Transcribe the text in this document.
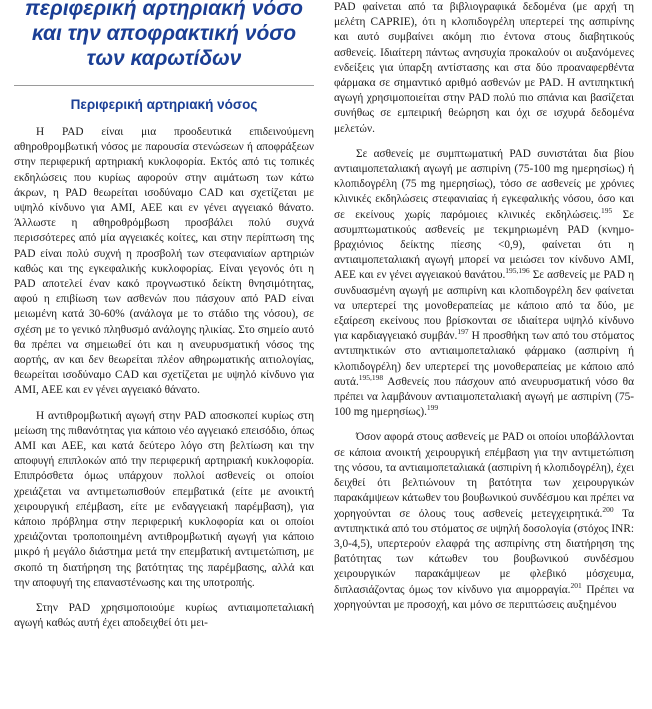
περιφερική αρτηριακή νόσο και την αποφρακτική νόσο των καρωτίδων
Περιφερική αρτηριακή νόσος

Η PAD είναι μια προοδευτικά επιδεινούμενη αθηροθρομβωτική νόσος με παρουσία στενώσεων ή αποφράξεων στην περιφερική αρτηριακή κυκλοφορία. Εκτός από τις τοπικές εκδηλώσεις που κυρίως αφορούν στην αιμάτωση των κάτω άκρων, η PAD θεωρείται ισοδύναμο CAD και σχετίζεται με υψηλό κίνδυνο για AMI, AEE και εν γένει αγγειακό θάνατο. Άλλωστε η αθηροθρόμβωση προσβάλει πολύ συχνά περισσότερες από μία αγγειακές κοίτες, και στην περίπτωση της PAD είναι πολύ συχνή η προσβολή των στεφανιαίων αρτηριών καθώς και της εγκεφαλικής κυκλοφορίας. Είναι γεγονός ότι η PAD αποτελεί έναν κακό προγνωστικό δείκτη θνησιμότητας, αφού η επιβίωση των ασθενών που πάσχουν από PAD είναι μειωμένη κατά 30-60% (ανάλογα με το στάδιο της νόσου), σε σχέση με το γενικό πληθυσμό ανάλογης ηλικίας. Στο σημείο αυτό θα πρέπει να σημειωθεί ότι και η ανευρυσματική νόσος της αορτής, αν και δεν θεωρείται πλέον αθηρωματικής αιτιολογίας, θεωρείται ισοδύναμο CAD και σχετίζεται με υψηλό κίνδυνο για AMI, AEE και εν γένει αγγειακό θάνατο.

Η αντιθρομβωτική αγωγή στην PAD αποσκοπεί κυρίως στη μείωση της πιθανότητας για κάποιο νέο αγγειακό επεισόδιο, όπως AMI και AEE, και κατά δεύτερο λόγο στη βελτίωση και την αποφυγή επιπλοκών από την περιφερική αρτηριακή κυκλοφορία. Επιπρόσθετα όμως υπάρχουν πολλοί ασθενείς οι οποίοι χρειάζεται να αντιμετωπισθούν επεμβατικά (είτε με ανοικτή χειρουργική επέμβαση, είτε με ενδαγγειακή παρέμβαση), για κάποιο πρόβλημα στην περιφερική κυκλοφορία και οι οποίοι χρειάζονται τροποποιημένη αντιθρομβωτική αγωγή για κάποιο μικρό ή μεγάλο διάστημα μετά την επεμβατική αντιμετώπιση, με σκοπό τη διατήρηση της βατότητας της παρέμβασης, αλλά και την αποφυγή της επαναστένωσης και της υποτροπής.

Στην PAD χρησιμοποιούμε κυρίως αντιαιμοπεταλιακή αγωγή καθώς αυτή έχει αποδειχθεί ότι μει-

PAD φαίνεται από τα βιβλιογραφικά δεδομένα (με αρχή τη μελέτη CAPRIE), ότι η κλοπιδογρέλη υπερτερεί της ασπιρίνης και αυτό συμβαίνει ακόμη πιο έντονα στους διαβητικούς ασθενείς. Ιδιαίτερη πάντως ανησυχία προκαλούν οι αυξανόμενες ενδείξεις για ύπαρξη αντίστασης και στα δύο προαναφερθέντα φάρμακα σε σημαντικό αριθμό ασθενών με PAD. Η αντιπηκτική αγωγή χρησιμοποιείται στην PAD πολύ πιο σπάνια και βασίζεται συνήθως σε εμπειρική θεώρηση και όχι σε ισχυρά δεδομένα μελετών.

Σε ασθενείς με συμπτωματική PAD συνιστάται δια βίου αντιαιμοπεταλιακή αγωγή με ασπιρίνη (75-100 mg ημερησίως) ή κλοπιδογρέλη (75 mg ημερησίως), τόσο σε ασθενείς με χρόνιες κλινικές εκδηλώσεις στεφανιαίας ή εγκεφαλικής νόσου, όσο και σε εκείνους χωρίς παρόμοιες κλινικές εκδηλώσεις.$^{195}$ Σε ασυμπτωματικούς ασθενείς με τεκμηριωμένη PAD (κνημο-βραχιόνιος δείκτης πίεσης <0,9), φαίνεται ότι η αντιαιμοπεταλιακή αγωγή μπορεί να μειώσει τον κίνδυνο AMI, AEE και εν γένει αγγειακού θανάτου.$^{195,196}$ Σε ασθενείς με PAD η συνδυασμένη αγωγή με ασπιρίνη και κλοπιδογρέλη δεν φαίνεται να υπερτερεί της μονοθεραπείας με κάποιο από τα δύο, με εξαίρεση εκείνους που βρίσκονται σε ιδιαίτερα υψηλό κίνδυνο για καρδιαγγειακό συμβάν.$^{197}$ Η προσθήκη των από του στόματος αντιπηκτικών στο αντιαιμοπεταλιακό φάρμακο (ασπιρίνη ή κλοπιδογρέλη) δεν υπερτερεί της μονοθεραπείας με κάποιο από αυτά.$^{195,198}$ Ασθενείς που πάσχουν από ανευρυσματική νόσο θα πρέπει να λαμβάνουν αντιαιμοπεταλιακή αγωγή με ασπιρίνη (75-100 mg ημερησίως).$^{199}$

Όσον αφορά στους ασθενείς με PAD οι οποίοι υποβάλλονται σε κάποια ανοικτή χειρουργική επέμβαση για την αντιμετώπιση της νόσου, τα αντιαιμοπεταλιακά (ασπιρίνη ή κλοπιδογρέλη), έχει δειχθεί ότι βελτιώνουν τη βατότητα των χειρουργικών παρακάμψεων κάτωθεν του βουβωνικού συνδέσμου και πρέπει να χορηγούνται σε όλους τους ασθενείς μετεγχειρητικά.$^{200}$ Τα αντιπηκτικά από του στόματος σε υψηλή δοσολογία (στόχος INR: 3,0-4,5), υπερτερούν ελαφρά της ασπιρίνης στη διατήρηση της βατότητας των κάτωθεν του βουβωνικού συνδέσμου χειρουργικών παρακάμψεων με φλεβικό μόσχευμα, διπλασιάζοντας όμως τον κίνδυνο για αιμορραγία.$^{201}$ Πρέπει να χορηγούνται με προσοχή, και μόνο σε περιπτώσεις αυξημένου
